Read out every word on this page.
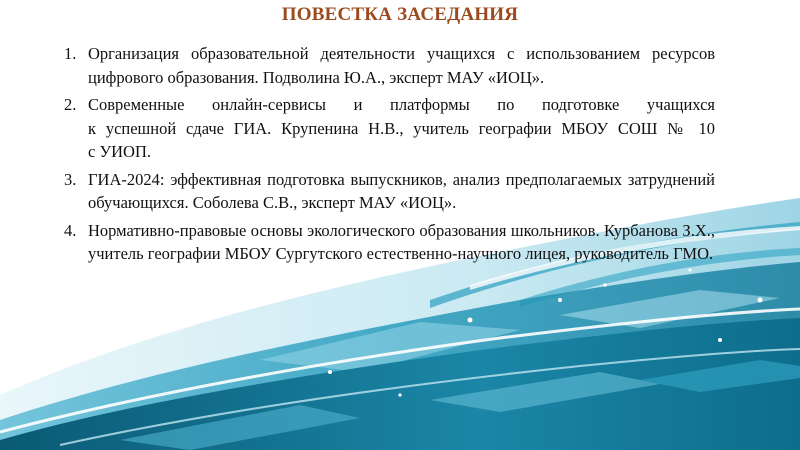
ПОВЕСТКА ЗАСЕДАНИЯ
1. Организация образовательной деятельности учащихся с использованием ресурсов цифрового образования. Подволина Ю.А., эксперт МАУ «ИОЦ».
2. Современные онлайн-сервисы и платформы по подготовке учащихся
к успешной сдаче ГИА. Крупенина Н.В., учитель географии МБОУ СОШ № 10
с УИОП.
3. ГИА-2024: эффективная подготовка выпускников, анализ предполагаемых затруднений обучающихся. Соболева С.В., эксперт МАУ «ИОЦ».
4. Нормативно-правовые основы экологического образования школьников. Курбанова З.Х., учитель географии МБОУ Сургутского естественно-научного лицея, руководитель ГМО.
